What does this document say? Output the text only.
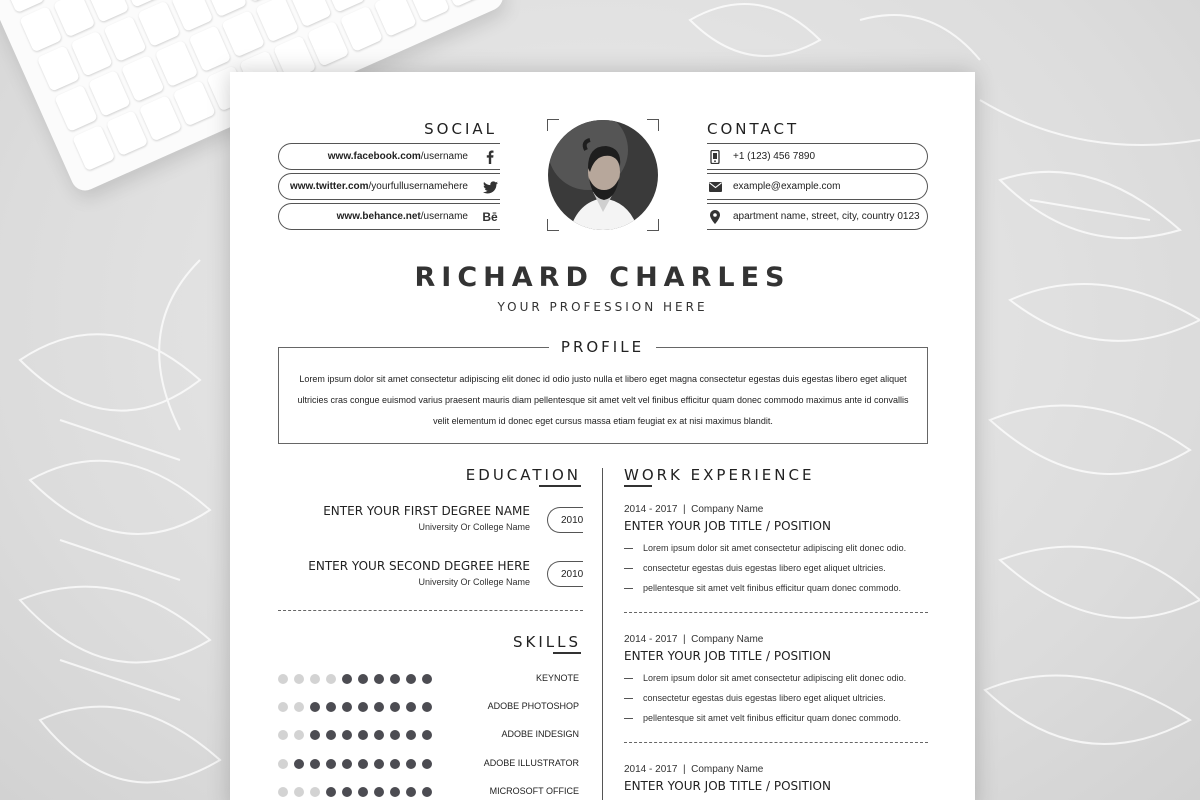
SOCIAL
www.facebook.com/username
www.twitter.com/yourfullusernamehere
www.behance.net/username Bē
CONTACT
+1 (123) 456 7890
example@example.com
apartment name, street, city, country 0123
RICHARD CHARLES
YOUR PROFESSION HERE
PROFILE
Lorem ipsum dolor sit amet consectetur adipiscing elit donec id odio justo nulla et libero eget magna consectetur egestas duis egestas libero eget aliquet ultricies cras congue euismod varius praesent mauris diam pellentesque sit amet velt vel finibus efficitur quam donec commodo maximus ante id convallis velit elementum id donec eget cursus massa etiam feugiat ex at nisi maximus blandit.
EDUCATION
ENTER YOUR FIRST DEGREE NAME
University Or College Name
2010
ENTER YOUR SECOND DEGREE HERE
University Or College Name
2010
SKILLS
KEYNOTE
ADOBE PHOTOSHOP
ADOBE INDESIGN
ADOBE ILLUSTRATOR
MICROSOFT OFFICE
WORK EXPERIENCE
2014 - 2017  |  Company Name
ENTER YOUR JOB TITLE / POSITION
Lorem ipsum dolor sit amet consectetur adipiscing elit donec odio.
consectetur egestas duis egestas libero eget aliquet ultricies.
pellentesque sit amet velt finibus efficitur quam donec commodo.
2014 - 2017  |  Company Name
ENTER YOUR JOB TITLE / POSITION
Lorem ipsum dolor sit amet consectetur adipiscing elit donec odio.
consectetur egestas duis egestas libero eget aliquet ultricies.
pellentesque sit amet velt finibus efficitur quam donec commodo.
2014 - 2017  |  Company Name
ENTER YOUR JOB TITLE / POSITION
